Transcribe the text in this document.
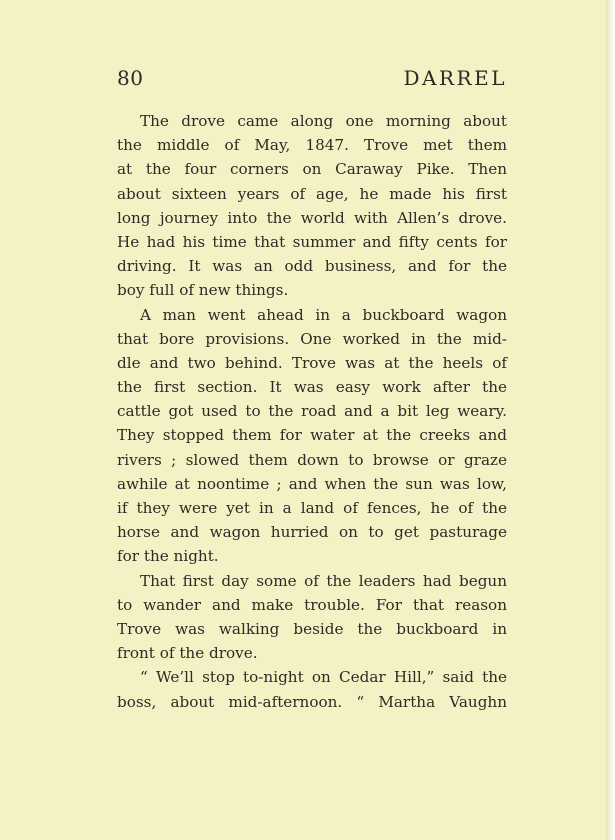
80	DARREL
The drove came along one morning about
the middle of May, 1847. Trove met them
at the four corners on Caraway Pike. Then
about sixteen years of age, he made his first
long journey into the world with Allen’s drove.
He had his time that summer and fifty cents for
driving. It was an odd business, and for the
boy full of new things.
A man went ahead in a buckboard wagon
that bore provisions. One worked in the mid-
dle and two behind. Trove was at the heels of
the first section. It was easy work after the
cattle got used to the road and a bit leg weary.
They stopped them for water at the creeks and
rivers ; slowed them down to browse or graze
awhile at noontime ; and when the sun was low,
if they were yet in a land of fences, he of the
horse and wagon hurried on to get pasturage
for the night.
That first day some of the leaders had begun
to wander and make trouble. For that reason
Trove was walking beside the buckboard in
front of the drove.
“ We’ll stop to-night on Cedar Hill,” said the
boss, about mid-afternoon. “ Martha Vaughn
